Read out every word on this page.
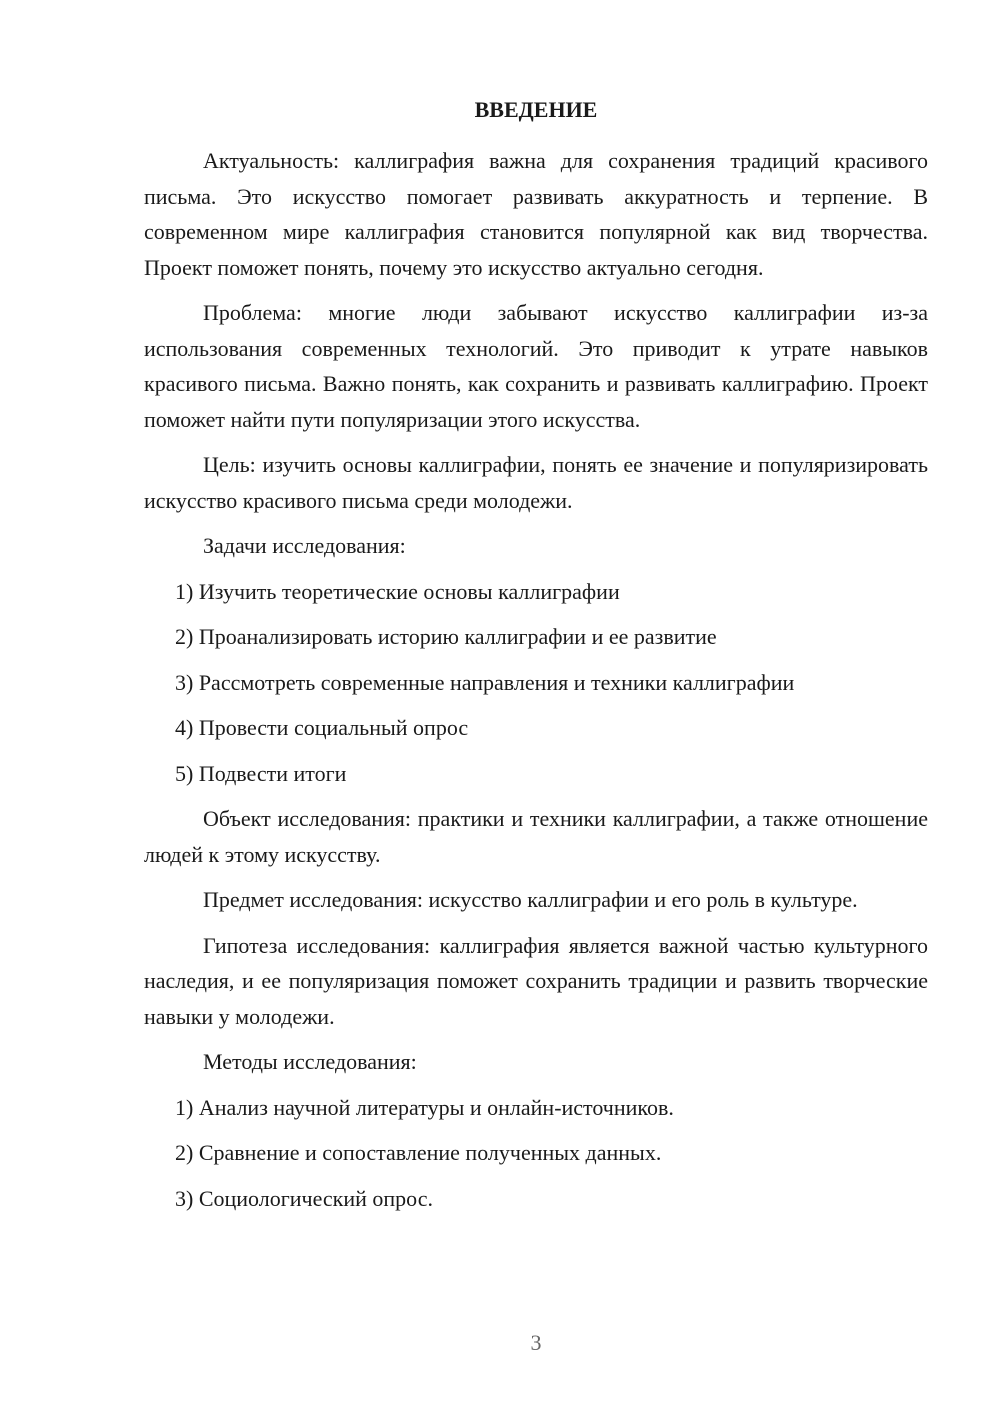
ВВЕДЕНИЕ

Актуальность: каллиграфия важна для сохранения традиций красивого письма. Это искусство помогает развивать аккуратность и терпение. В современном мире каллиграфия становится популярной как вид творчества. Проект поможет понять, почему это искусство актуально сегодня.

Проблема: многие люди забывают искусство каллиграфии из-за использования современных технологий. Это приводит к утрате навыков красивого письма. Важно понять, как сохранить и развивать каллиграфию. Проект поможет найти пути популяризации этого искусства.

Цель: изучить основы каллиграфии, понять ее значение и популяризировать искусство красивого письма среди молодежи.

Задачи исследования:
1) Изучить теоретические основы каллиграфии
2) Проанализировать историю каллиграфии и ее развитие
3) Рассмотреть современные направления и техники каллиграфии
4) Провести социальный опрос
5) Подвести итоги

Объект исследования: практики и техники каллиграфии, а также отношение людей к этому искусству.

Предмет исследования: искусство каллиграфии и его роль в культуре.

Гипотеза исследования: каллиграфия является важной частью культурного наследия, и ее популяризация поможет сохранить традиции и развить творческие навыки у молодежи.

Методы исследования:
1) Анализ научной литературы и онлайн-источников.
2) Сравнение и сопоставление полученных данных.
3) Социологический опрос.
3
